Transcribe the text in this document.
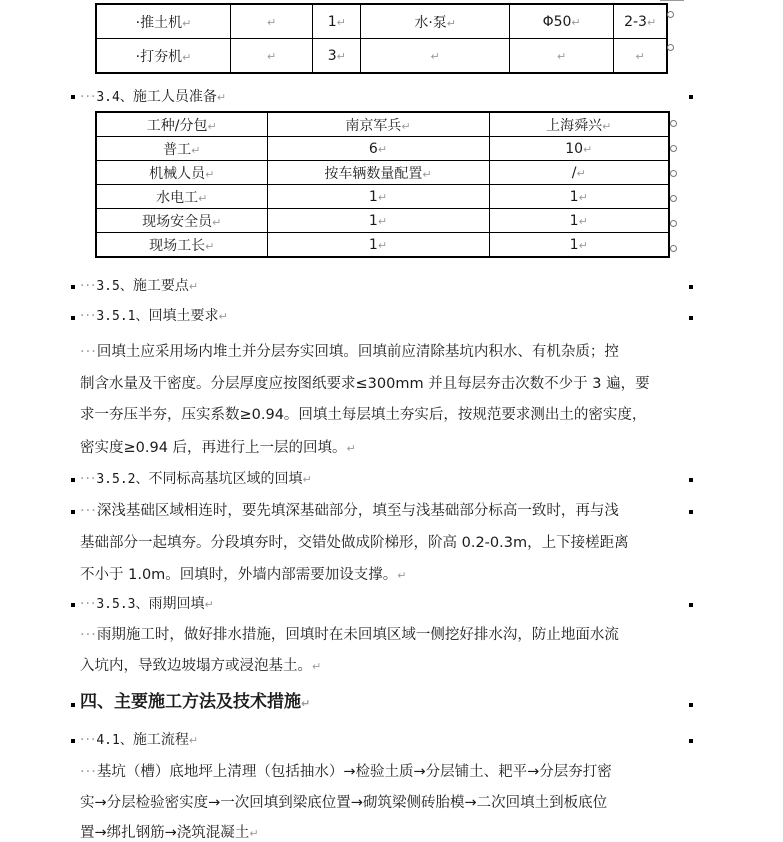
·推土机↵	↵	1↵	水·泵↵	Φ50↵	2-3↵
·打夯机↵	↵	3↵	↵	↵	↵
···3.4、施工人员准备↵
工种/分包↵	南京军兵↵	上海舜兴↵
普工↵	6↵	10↵
机械人员↵	按车辆数量配置↵	/↵
水电工↵	1↵	1↵
现场安全员↵	1↵	1↵
现场工长↵	1↵	1↵
···3.5、施工要点↵
···3.5.1、回填土要求↵
···回填土应采用场内堆土并分层夯实回填。回填前应清除基坑内积水、有机杂质；控
制含水量及干密度。分层厚度应按图纸要求≤300mm 并且每层夯击次数不少于 3 遍，要
求一夯压半夯，压实系数≥0.94。回填土每层填土夯实后，按规范要求测出土的密实度，
密实度≥0.94 后，再进行上一层的回填。↵
···3.5.2、不同标高基坑区域的回填↵
···深浅基础区域相连时，要先填深基础部分，填至与浅基础部分标高一致时，再与浅
基础部分一起填夯。分段填夯时，交错处做成阶梯形，阶高 0.2-0.3m，上下接槎距离
不小于 1.0m。回填时，外墙内部需要加设支撑。↵
···3.5.3、雨期回填↵
···雨期施工时，做好排水措施，回填时在未回填区域一侧挖好排水沟，防止地面水流
入坑内，导致边坡塌方或浸泡基土。↵
四、主要施工方法及技术措施↵
···4.1、施工流程↵
···基坑（槽）底地坪上清理（包括抽水）→检验土质→分层铺土、耙平→分层夯打密
实→分层检验密实度→一次回填到梁底位置→砌筑梁侧砖胎模→二次回填土到板底位
置→绑扎钢筋→浇筑混凝土↵
